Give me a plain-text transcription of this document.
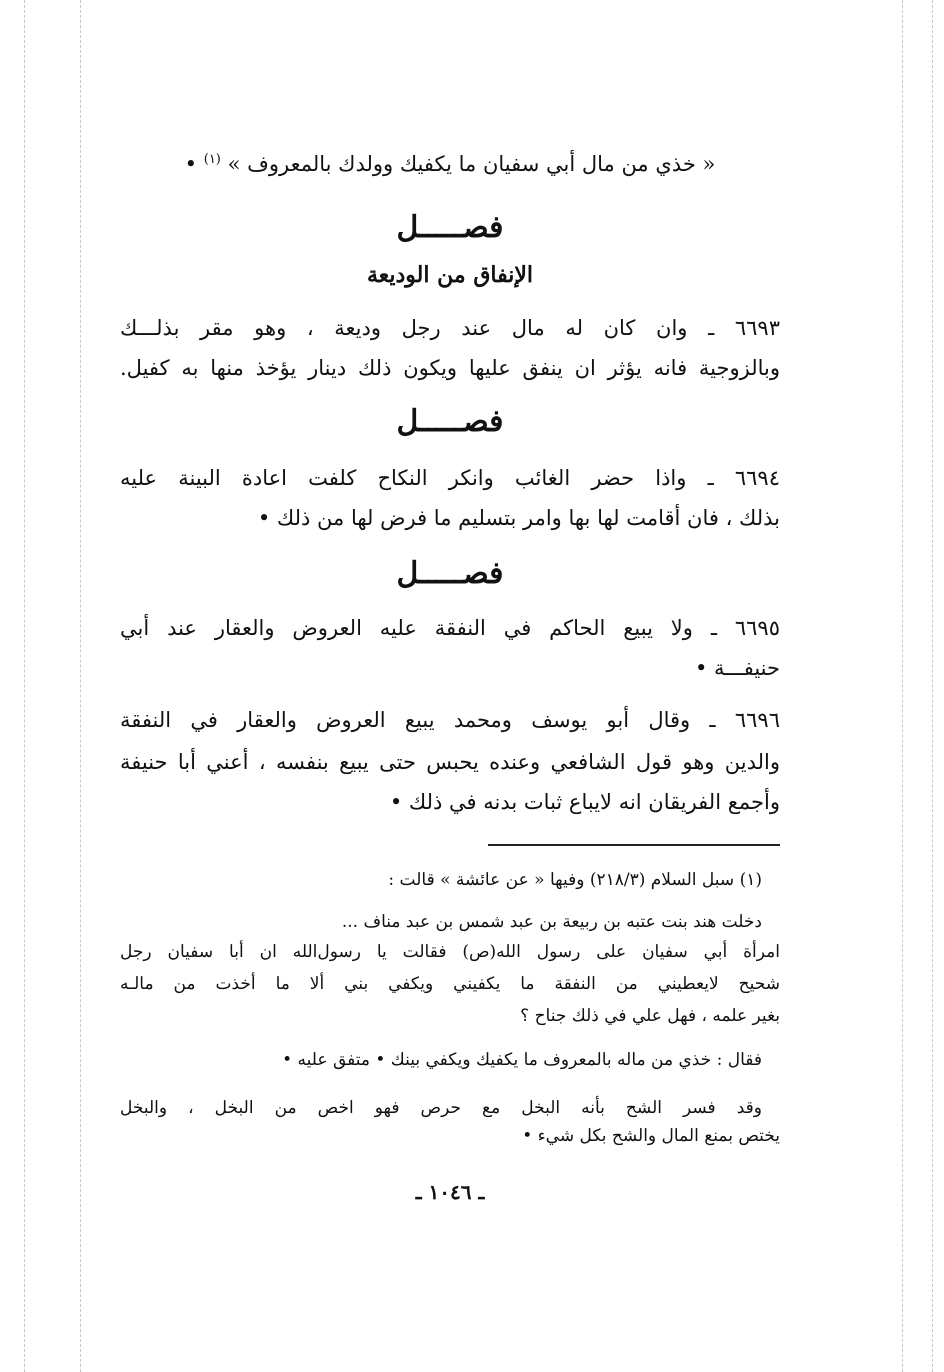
« خذي من مال أبي سفيان ما يكفيك وولدك بالمعروف » $^{(١)}$ •
فصـــــل
الإنفاق من الوديعة
٦٦٩٣ ـ وان كان له مال عند رجل وديعة ، وهو مقر بذلـــك
وبالزوجية فانه يؤثر ان ينفق عليها ويكون ذلك دينار يؤخذ منها به كفيل.
فصـــــل
٦٦٩٤ ـ واذا حضر الغائب وانكر النكاح كلفت اعادة البينة عليه
بذلك ، فان أقامت لها بها وامر بتسليم ما فرض لها من ذلك •
فصـــــل
٦٦٩٥ ـ ولا يبيع الحاكم في النفقة عليه العروض والعقار عند أبي
حنيفـــة •
٦٦٩٦ ـ وقال أبو يوسف ومحمد يبيع العروض والعقار في النفقة
والدين وهو قول الشافعي وعنده يحبس حتى يبيع بنفسه ، أعني أبا حنيفة
وأجمع الفريقان انه لايباع ثبات بدنه في ذلك •
(١) سبل السلام (٢١٨/٣) وفيها « عن عائشة » قالت :
دخلت هند بنت عتبه بن ربيعة بن عبد شمس بن عبد مناف ...
امرأة أبي سفيان على رسول الله(ص) فقالت يا رسول‌الله ان أبا سفيان رجل
شحيح لايعطيني من النفقة ما يكفيني ويكفي بني ألا ما أخذت من مالـه
بغير علمه ، فهل علي في ذلك جناح ؟
فقال : خذي من ماله بالمعروف ما يكفيك ويكفي بينك • متفق عليه •
وقد فسر الشح بأنه البخل مع حرص فهو اخص من البخل ، والبخل
يختص بمنع المال والشح بكل شيء •
ـ ١٠٤٦ ـ
